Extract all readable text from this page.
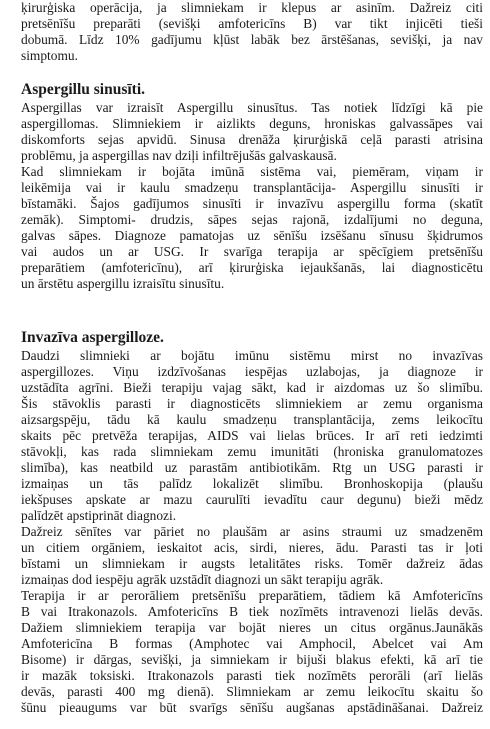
ķirurģiska operācija, ja slimniekam ir klepus ar asinīm. Dažreiz citi
pretsēnīšu preparāti (sevišķi amfotericīns B) var tikt injicēti tieši
dobumā. Līdz 10% gadījumu kļūst labāk bez ārstēšanas, sevišķi, ja nav
simptomu.
Aspergillu sinusīti.
Aspergillas var izraisīt Aspergillu sinusītus. Tas notiek līdzīgi kā pie
aspergillomas. Slimniekiem ir aizlikts deguns, hroniskas galvassāpes vai
diskomforts sejas apvidū. Sinusa drenāža ķirurģiskā ceļā parasti atrisina
problēmu, ja aspergillas nav dziļi infiltrējušās galvaskausā.
Kad slimniekam ir bojāta imūnā sistēma vai, piemēram, viņam ir
leikēmija vai ir kaulu smadzeņu transplantācija- Aspergillu sinusīti ir
bīstamāki. Šajos gadījumos sinusīti ir invazīvu aspergillu forma (skatīt
zemāk). Simptomi- drudzis, sāpes sejas rajonā, izdalījumi no deguna,
galvas sāpes. Diagnoze pamatojas uz sēnīšu izsēšanu sīnusu šķidrumos
vai audos un ar USG. Ir svarīga terapija ar spēcīgiem pretsēnīšu
preparātiem (amfotericīnu), arī ķirurģiska iejaukšanās, lai diagnosticētu
un ārstētu aspergillu izraisītu sinusītu.
Invazīva aspergilloze.
Daudzi slimnieki ar bojātu imūnu sistēmu mirst no invazīvas
aspergillozes. Viņu izdzīvošanas iespējas uzlabojas, ja diagnoze ir
uzstādīta agrīni. Bieži terapiju vajag sākt, kad ir aizdomas uz šo slimību.
Šis stāvoklis parasti ir diagnosticēts slimniekiem ar zemu organisma
aizsargspēju, tādu kā kaulu smadzeņu transplantācija, zems leikocītu
skaits pēc pretvēža terapijas, AIDS vai lielas brūces. Ir arī reti iedzimti
stāvokļi, kas rada slimniekam zemu imunitāti (hroniska granulomatozes
slimība), kas neatbild uz parastām antibiotikām. Rtg un USG parasti ir
izmaiņas un tās palīdz lokalizēt slimību. Bronhoskopija (plaušu
iekšpuses apskate ar mazu caurulīti ievadītu caur degunu) bieži mēdz
palīdzēt apstiprināt diagnozi.
Dažreiz sēnītes var pāriet no plaušām ar asins straumi uz smadzenēm
un citiem orgāniem, ieskaitot acis, sirdi, nieres, ādu. Parasti tas ir ļoti
bīstami un slimniekam ir augsts letalitātes risks. Tomēr dažreiz ādas
izmaiņas dod iespēju agrāk uzstādīt diagnozi un sākt terapiju agrāk.
Terapija ir ar perorāliem pretsēnīšu preparātiem, tādiem kā Amfotericīns
B vai Itrakonazols. Amfotericīns B tiek nozīmēts intravenozi lielās devās.
Dažiem slimniekiem terapija var bojāt nieres un citus orgānus.Jaunākās
Amfotericīna B formas (Amphotec vai Amphocil, Abelcet vai Am
Bisome) ir dārgas, sevišķi, ja simniekam ir bijuši blakus efekti, kā arī tie
ir mazāk toksiski. Itrakonazols parasti tiek nozīmēts perorāli (arī lielās
devās, parasti 400 mg dienā). Slimniekam ar zemu leikocītu skaitu šo
šūnu pieaugums var būt svarīgs sēnīšu augšanas apstādināšanai. Dažreiz
